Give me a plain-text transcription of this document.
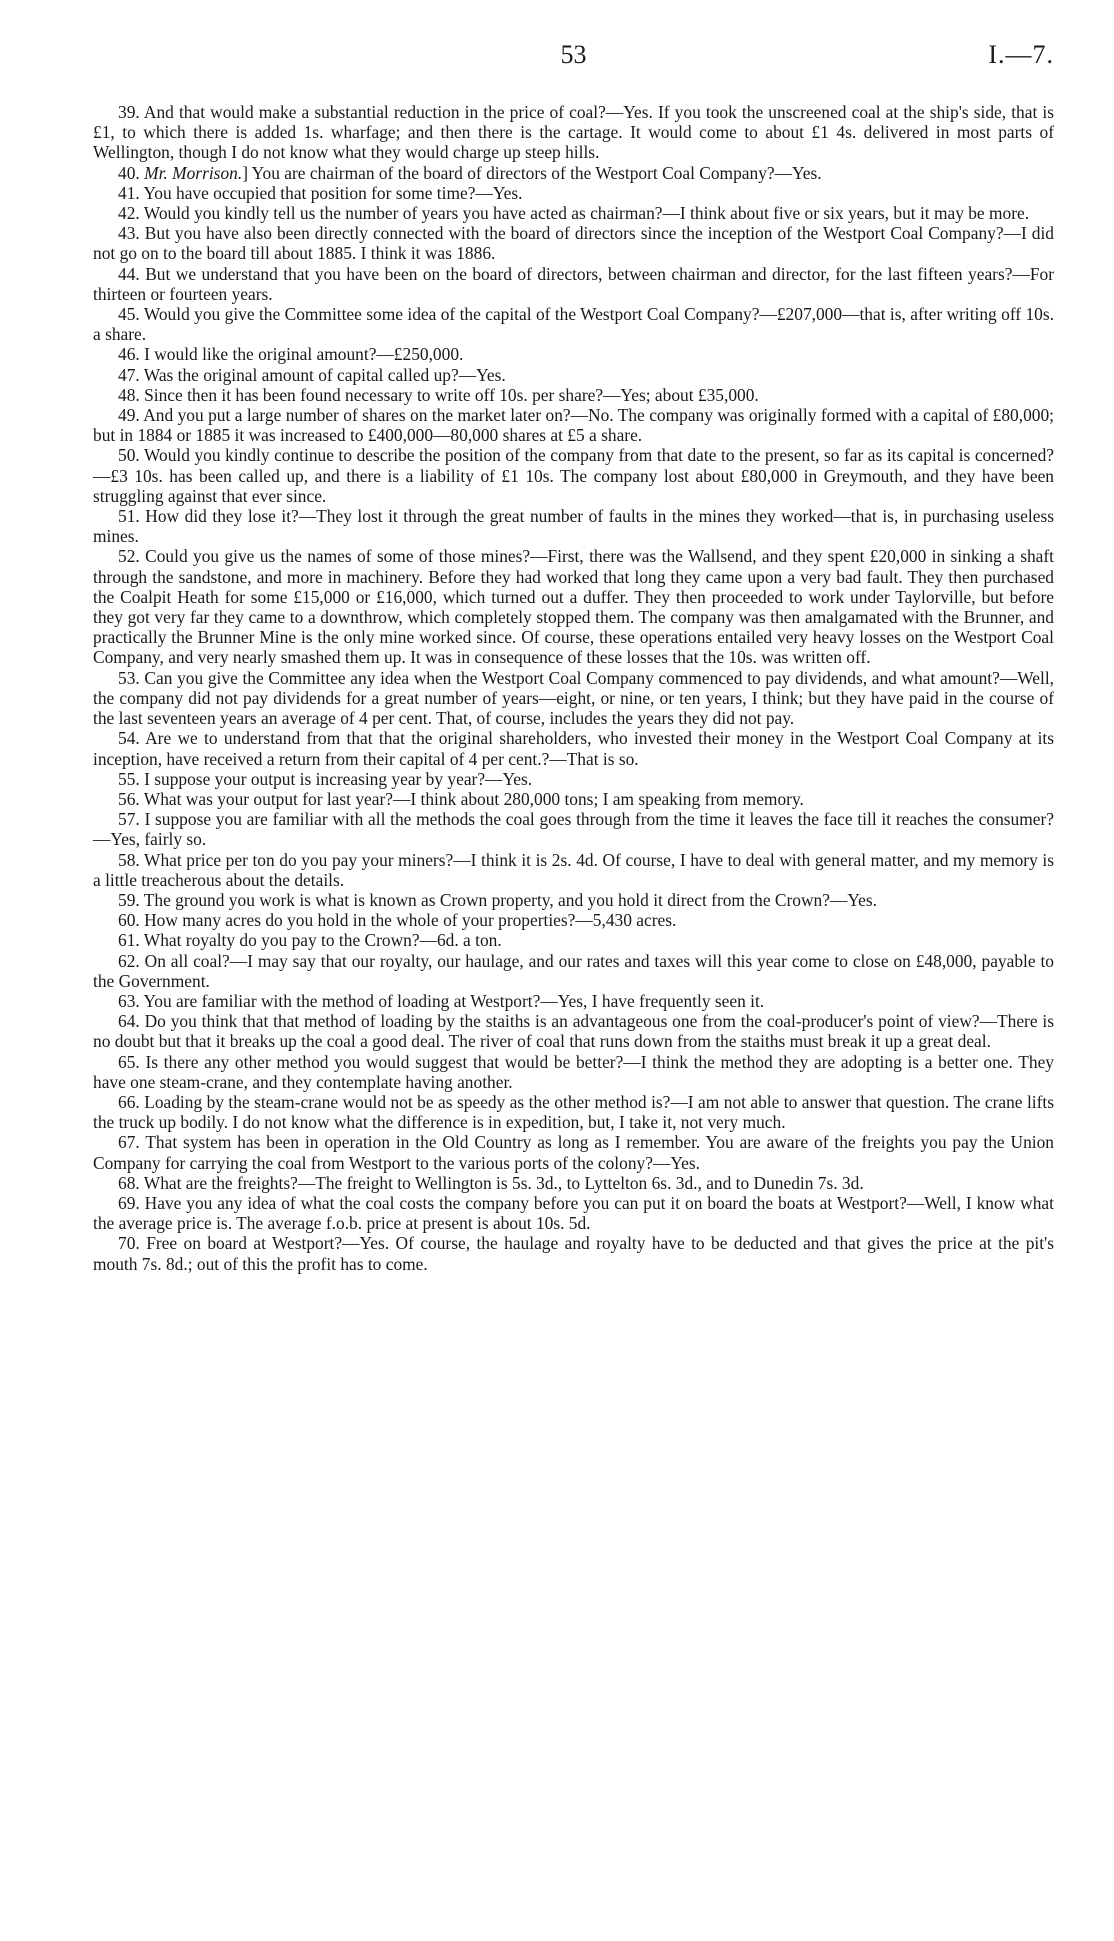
53	I.—7.

39. And that would make a substantial reduction in the price of coal?—Yes. If you took the unscreened coal at the ship's side, that is £1, to which there is added 1s. wharfage; and then there is the cartage. It would come to about £1 4s. delivered in most parts of Wellington, though I do not know what they would charge up steep hills.

40. Mr. Morrison.] You are chairman of the board of directors of the Westport Coal Company?—Yes.

41. You have occupied that position for some time?—Yes.

42. Would you kindly tell us the number of years you have acted as chairman?—I think about five or six years, but it may be more.

43. But you have also been directly connected with the board of directors since the inception of the Westport Coal Company?—I did not go on to the board till about 1885. I think it was 1886.

44. But we understand that you have been on the board of directors, between chairman and director, for the last fifteen years?—For thirteen or fourteen years.

45. Would you give the Committee some idea of the capital of the Westport Coal Company?—£207,000—that is, after writing off 10s. a share.

46. I would like the original amount?—£250,000.

47. Was the original amount of capital called up?—Yes.

48. Since then it has been found necessary to write off 10s. per share?—Yes; about £35,000.

49. And you put a large number of shares on the market later on?—No. The company was originally formed with a capital of £80,000; but in 1884 or 1885 it was increased to £400,000—80,000 shares at £5 a share.

50. Would you kindly continue to describe the position of the company from that date to the present, so far as its capital is concerned?—£3 10s. has been called up, and there is a liability of £1 10s. The company lost about £80,000 in Greymouth, and they have been struggling against that ever since.

51. How did they lose it?—They lost it through the great number of faults in the mines they worked—that is, in purchasing useless mines.

52. Could you give us the names of some of those mines?—First, there was the Wallsend, and they spent £20,000 in sinking a shaft through the sandstone, and more in machinery. Before they had worked that long they came upon a very bad fault. They then purchased the Coalpit Heath for some £15,000 or £16,000, which turned out a duffer. They then proceeded to work under Taylorville, but before they got very far they came to a downthrow, which completely stopped them. The company was then amalgamated with the Brunner, and practically the Brunner Mine is the only mine worked since. Of course, these operations entailed very heavy losses on the Westport Coal Company, and very nearly smashed them up. It was in consequence of these losses that the 10s. was written off.

53. Can you give the Committee any idea when the Westport Coal Company commenced to pay dividends, and what amount?—Well, the company did not pay dividends for a great number of years—eight, or nine, or ten years, I think; but they have paid in the course of the last seventeen years an average of 4 per cent. That, of course, includes the years they did not pay.

54. Are we to understand from that that the original shareholders, who invested their money in the Westport Coal Company at its inception, have received a return from their capital of 4 per cent.?—That is so.

55. I suppose your output is increasing year by year?—Yes.

56. What was your output for last year?—I think about 280,000 tons; I am speaking from memory.

57. I suppose you are familiar with all the methods the coal goes through from the time it leaves the face till it reaches the consumer?—Yes, fairly so.

58. What price per ton do you pay your miners?—I think it is 2s. 4d. Of course, I have to deal with general matter, and my memory is a little treacherous about the details.

59. The ground you work is what is known as Crown property, and you hold it direct from the Crown?—Yes.

60. How many acres do you hold in the whole of your properties?—5,430 acres.

61. What royalty do you pay to the Crown?—6d. a ton.

62. On all coal?—I may say that our royalty, our haulage, and our rates and taxes will this year come to close on £48,000, payable to the Government.

63. You are familiar with the method of loading at Westport?—Yes, I have frequently seen it.

64. Do you think that that method of loading by the staiths is an advantageous one from the coal-producer's point of view?—There is no doubt but that it breaks up the coal a good deal. The river of coal that runs down from the staiths must break it up a great deal.

65. Is there any other method you would suggest that would be better?—I think the method they are adopting is a better one. They have one steam-crane, and they contemplate having another.

66. Loading by the steam-crane would not be as speedy as the other method is?—I am not able to answer that question. The crane lifts the truck up bodily. I do not know what the difference is in expedition, but, I take it, not very much.

67. That system has been in operation in the Old Country as long as I remember. You are aware of the freights you pay the Union Company for carrying the coal from Westport to the various ports of the colony?—Yes.

68. What are the freights?—The freight to Wellington is 5s. 3d., to Lyttelton 6s. 3d., and to Dunedin 7s. 3d.

69. Have you any idea of what the coal costs the company before you can put it on board the boats at Westport?—Well, I know what the average price is. The average f.o.b. price at present is about 10s. 5d.

70. Free on board at Westport?—Yes. Of course, the haulage and royalty have to be deducted and that gives the price at the pit's mouth 7s. 8d.; out of this the profit has to come.
